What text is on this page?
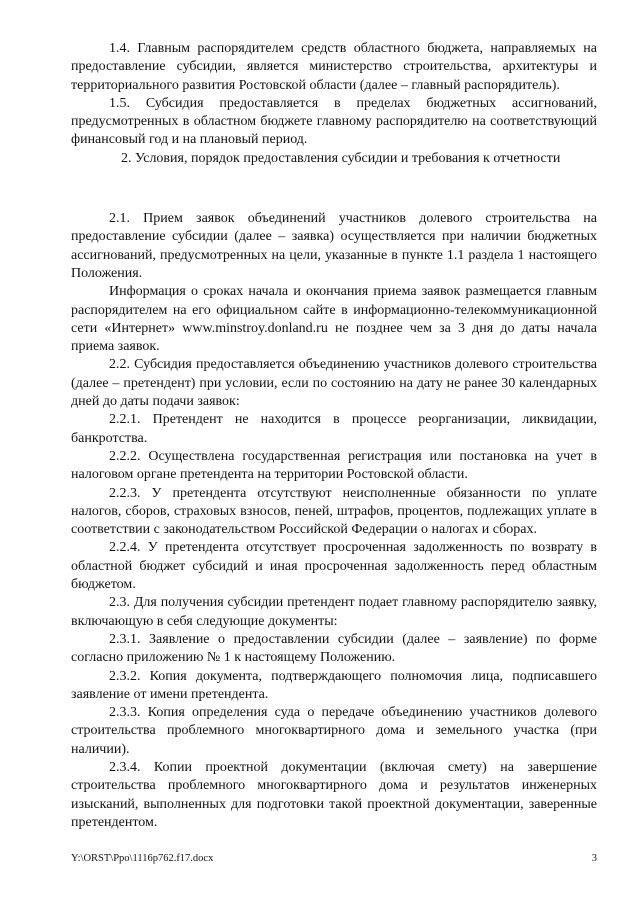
1.4. Главным распорядителем средств областного бюджета, направляемых на предоставление субсидии, является министерство строительства, архитектуры и территориального развития Ростовской области (далее – главный распорядитель).

1.5. Субсидия предоставляется в пределах бюджетных ассигнований, предусмотренных в областном бюджете главному распорядителю на соответствующий финансовый год и на плановый период.

2. Условия, порядок предоставления субсидии и требования к отчетности

2.1. Прием заявок объединений участников долевого строительства на предоставление субсидии (далее – заявка) осуществляется при наличии бюджетных ассигнований, предусмотренных на цели, указанные в пункте 1.1 раздела 1 настоящего Положения.

Информация о сроках начала и окончания приема заявок размещается главным распорядителем на его официальном сайте в информационно-телекоммуникационной сети «Интернет» www.minstroy.donland.ru не позднее чем за 3 дня до даты начала приема заявок.

2.2. Субсидия предоставляется объединению участников долевого строительства (далее – претендент) при условии, если по состоянию на дату не ранее 30 календарных дней до даты подачи заявок:

2.2.1. Претендент не находится в процессе реорганизации, ликвидации, банкротства.

2.2.2. Осуществлена государственная регистрация или постановка на учет в налоговом органе претендента на территории Ростовской области.

2.2.3. У претендента отсутствуют неисполненные обязанности по уплате налогов, сборов, страховых взносов, пеней, штрафов, процентов, подлежащих уплате в соответствии с законодательством Российской Федерации о налогах и сборах.

2.2.4. У претендента отсутствует просроченная задолженность по возврату в областной бюджет субсидий и иная просроченная задолженность перед областным бюджетом.

2.3. Для получения субсидии претендент подает главному распорядителю заявку, включающую в себя следующие документы:

2.3.1. Заявление о предоставлении субсидии (далее – заявление) по форме согласно приложению № 1 к настоящему Положению.

2.3.2. Копия документа, подтверждающего полномочия лица, подписавшего заявление от имени претендента.

2.3.3. Копия определения суда о передаче объединению участников долевого строительства проблемного многоквартирного дома и земельного участка (при наличии).

2.3.4. Копии проектной документации (включая смету) на завершение строительства проблемного многоквартирного дома и результатов инженерных изысканий, выполненных для подготовки такой проектной документации, заверенные претендентом.

Y:\ORST\Ppo\1116p762.f17.docx	3
